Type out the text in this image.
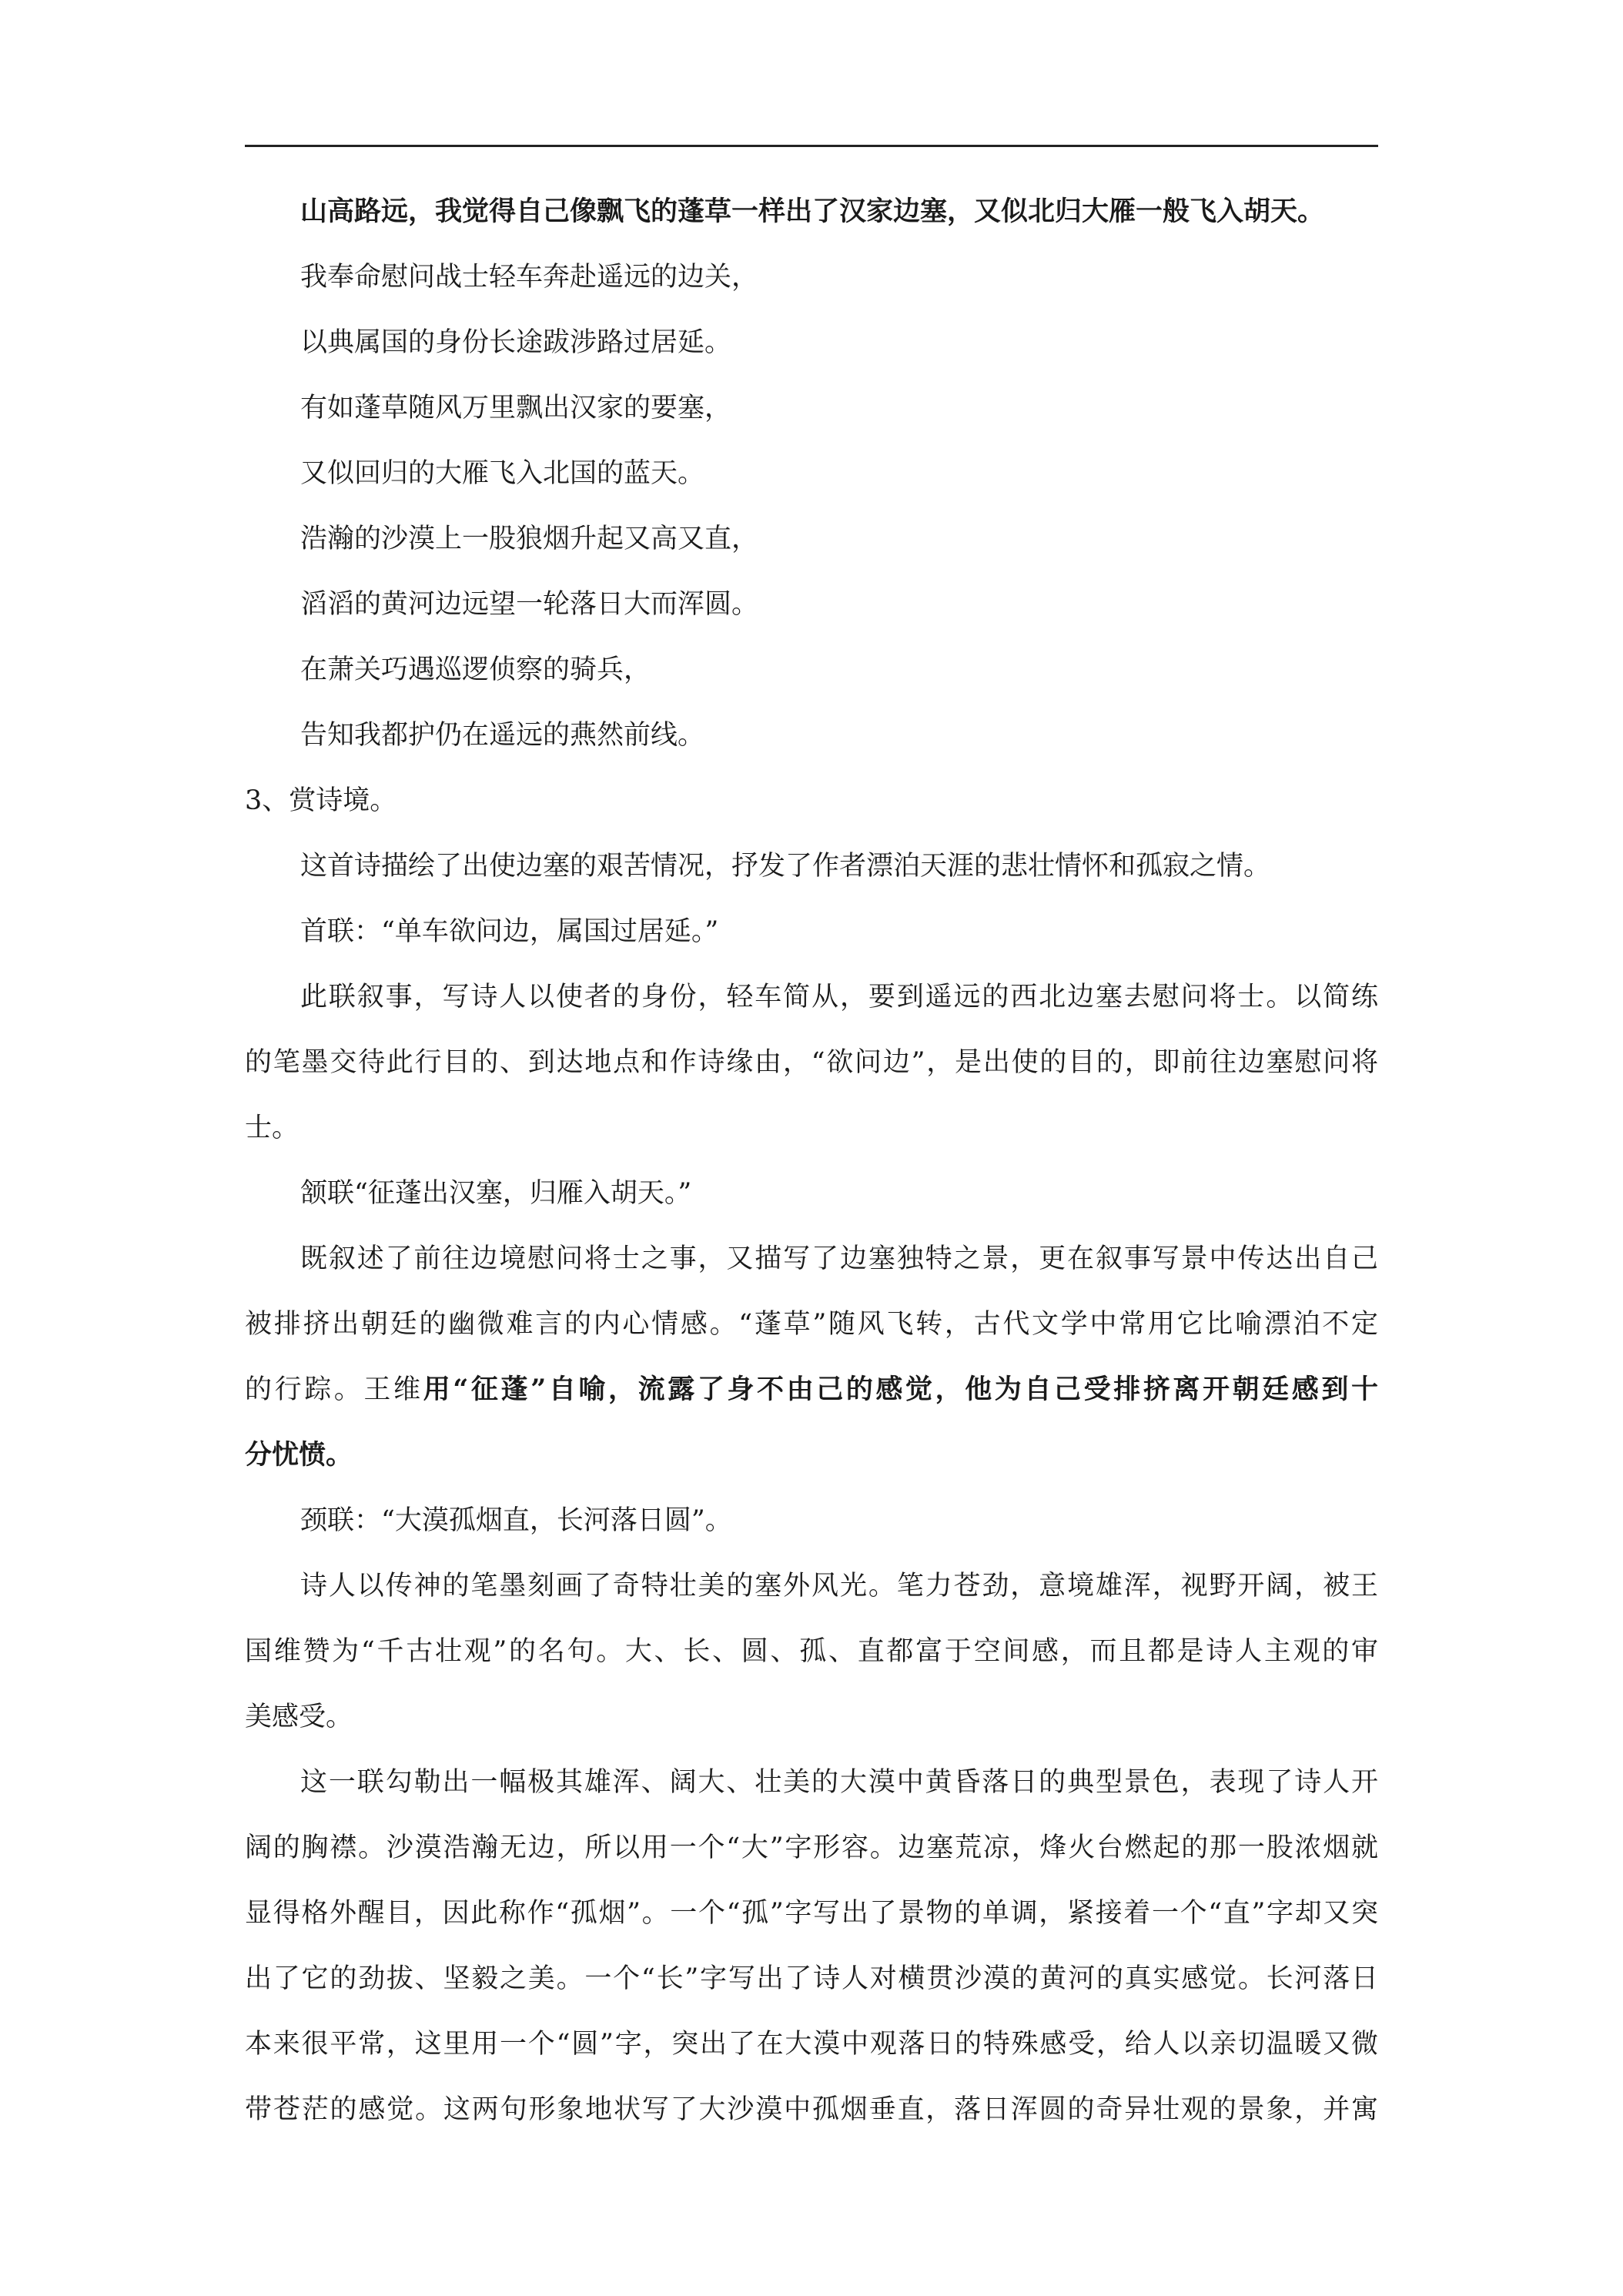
山高路远，我觉得自己像飘飞的蓬草一样出了汉家边塞，又似北归大雁一般飞入胡天。
我奉命慰问战士轻车奔赴遥远的边关，
以典属国的身份长途跋涉路过居延。
有如蓬草随风万里飘出汉家的要塞，
又似回归的大雁飞入北国的蓝天。
浩瀚的沙漠上一股狼烟升起又高又直，
滔滔的黄河边远望一轮落日大而浑圆。
在萧关巧遇巡逻侦察的骑兵，
告知我都护仍在遥远的燕然前线。
3、赏诗境。
这首诗描绘了出使边塞的艰苦情况，抒发了作者漂泊天涯的悲壮情怀和孤寂之情。
首联：“单车欲问边，属国过居延。”
此联叙事，写诗人以使者的身份，轻车简从，要到遥远的西北边塞去慰问将士。以简练
的笔墨交待此行目的、到达地点和作诗缘由，“欲问边”，是出使的目的，即前往边塞慰问将
士。
颔联“征蓬出汉塞，归雁入胡天。”
既叙述了前往边境慰问将士之事，又描写了边塞独特之景，更在叙事写景中传达出自己
被排挤出朝廷的幽微难言的内心情感。“蓬草”随风飞转，古代文学中常用它比喻漂泊不定
的行踪。王维用“征蓬”自喻，流露了身不由己的感觉，他为自己受排挤离开朝廷感到十
分忧愤。
颈联：“大漠孤烟直，长河落日圆”。
诗人以传神的笔墨刻画了奇特壮美的塞外风光。笔力苍劲，意境雄浑，视野开阔，被王
国维赞为“千古壮观”的名句。大、长、圆、孤、直都富于空间感，而且都是诗人主观的审
美感受。
这一联勾勒出一幅极其雄浑、阔大、壮美的大漠中黄昏落日的典型景色，表现了诗人开
阔的胸襟。沙漠浩瀚无边，所以用一个“大”字形容。边塞荒凉，烽火台燃起的那一股浓烟就
显得格外醒目，因此称作“孤烟”。一个“孤”字写出了景物的单调，紧接着一个“直”字却又突
出了它的劲拔、坚毅之美。一个“长”字写出了诗人对横贯沙漠的黄河的真实感觉。长河落日
本来很平常，这里用一个“圆”字，突出了在大漠中观落日的特殊感受，给人以亲切温暖又微
带苍茫的感觉。这两句形象地状写了大沙漠中孤烟垂直，落日浑圆的奇异壮观的景象，并寓
